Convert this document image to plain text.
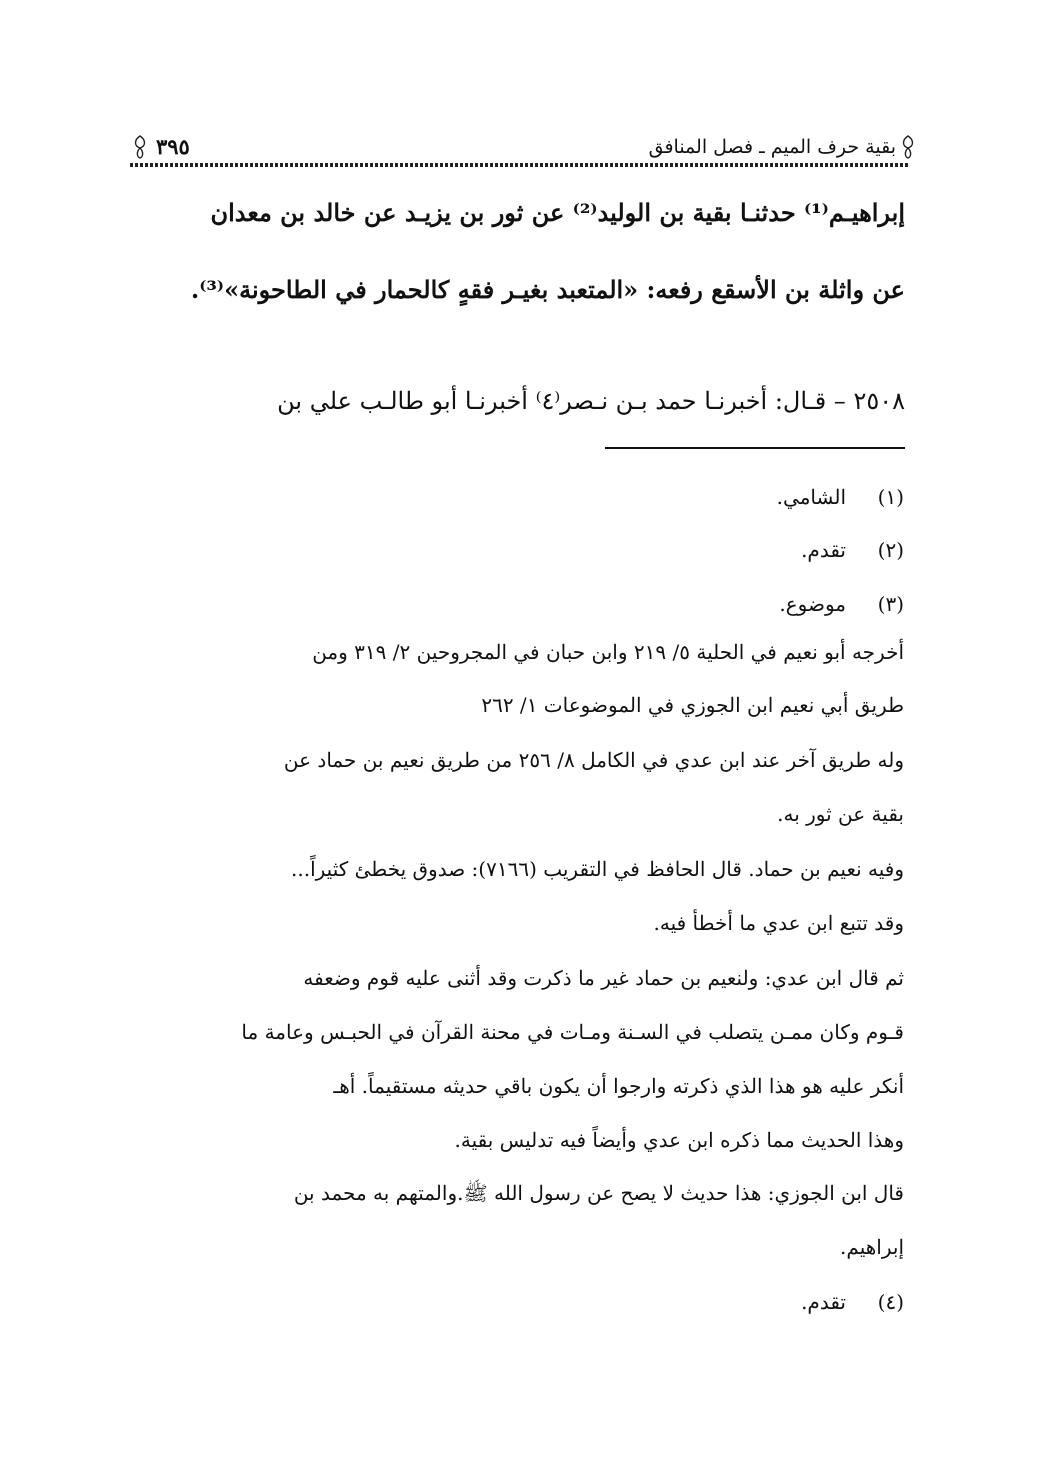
بقية حرف الميم ـ فصل المنافق
٣٩٥
إبراهيـم⁽¹⁾ حدثنـا بقية بن الوليد⁽²⁾ عن ثور بن يزيـد عن خالد بن معدان
عن واثلة بن الأسقع رفعه: «المتعبد بغيـر فقهٍ كالحمار في الطاحونة»⁽³⁾.
٢٥٠٨ – قـال: أخبرنـا حمد بـن نـصر⁽٤⁾ أخبرنـا أبو طالـب علي بن
(١)الشامي.
(٢)تقدم.
(٣)موضوع.
أخرجه أبو نعيم في الحلية ٥/ ٢١٩ وابن حبان في المجروحين ٢/ ٣١٩ ومن
طريق أبي نعيم ابن الجوزي في الموضوعات ١/ ٢٦٢
وله طريق آخر عند ابن عدي في الكامل ٨/ ٢٥٦ من طريق نعيم بن حماد عن
بقية عن ثور به.
وفيه نعيم بن حماد. قال الحافظ في التقريب (٧١٦٦): صدوق يخطئ كثيراً...
وقد تتبع ابن عدي ما أخطأ فيه.
ثم قال ابن عدي: ولنعيم بن حماد غير ما ذكرت وقد أثنى عليه قوم وضعفه
قـوم وكان ممـن يتصلب في السـنة ومـات في محنة القرآن في الحبـس وعامة ما
أنكر عليه هو هذا الذي ذكرته وارجوا أن يكون باقي حديثه مستقيماً. أهـ
وهذا الحديث مما ذكره ابن عدي وأيضاً فيه تدليس بقية.
قال ابن الجوزي: هذا حديث لا يصح عن رسول الله ﷺ.والمتهم به محمد بن
إبراهيم.
(٤)تقدم.
